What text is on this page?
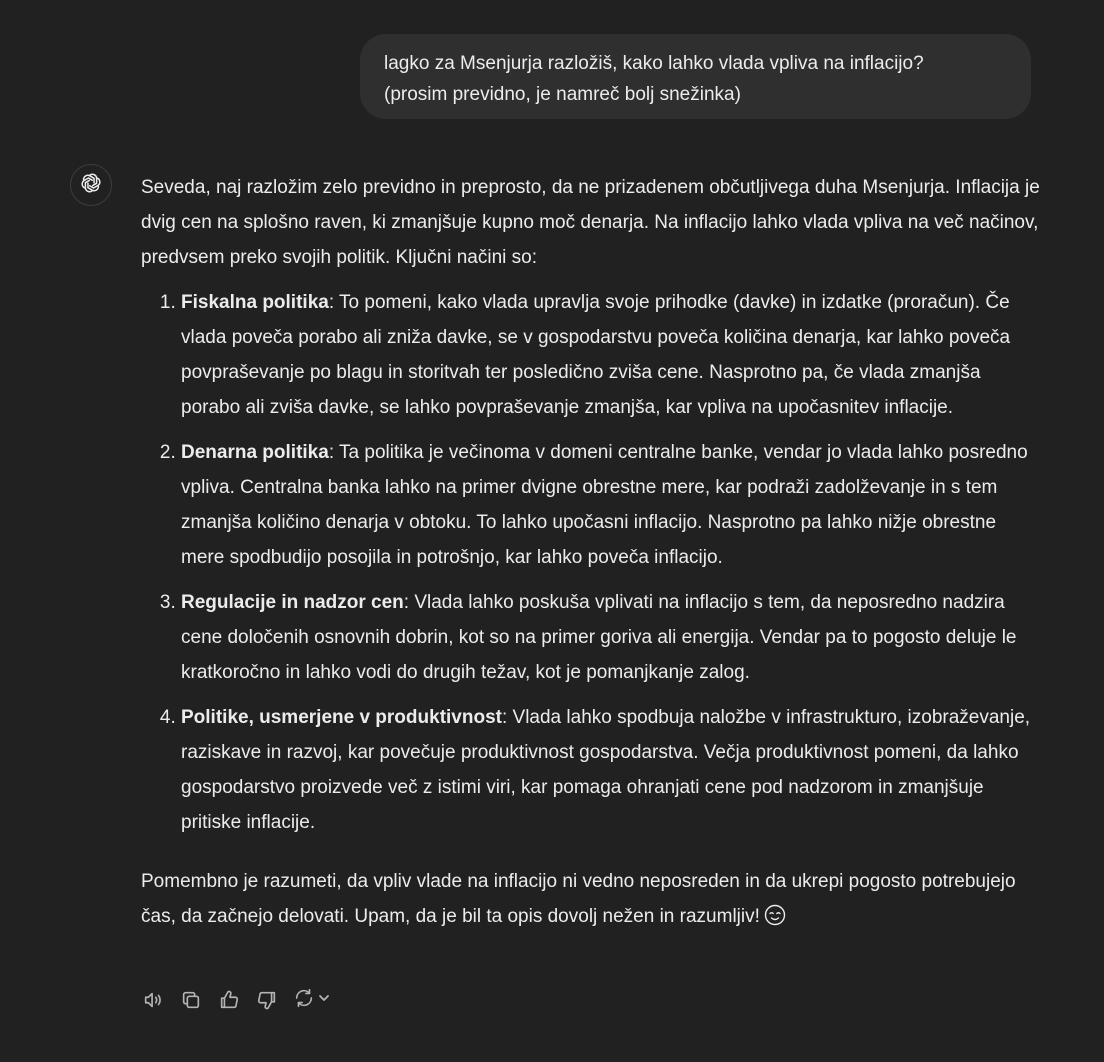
lagko za Msenjurja razložiš, kako lahko vlada vpliva na inflacijo?

(prosim previdno, je namreč bolj snežinka)

Seveda, naj razložim zelo previdno in preprosto, da ne prizadenem občutljivega duha Msenjurja. Inflacija je dvig cen na splošno raven, ki zmanjšuje kupno moč denarja. Na inflacijo lahko vlada vpliva na več načinov, predvsem preko svojih politik. Ključni načini so:

1. Fiskalna politika: To pomeni, kako vlada upravlja svoje prihodke (davke) in izdatke (proračun). Če vlada poveča porabo ali zniža davke, se v gospodarstvu poveča količina denarja, kar lahko poveča povpraševanje po blagu in storitvah ter posledično zviša cene. Nasprotno pa, če vlada zmanjša porabo ali zviša davke, se lahko povpraševanje zmanjša, kar vpliva na upočasnitev inflacije.
2. Denarna politika: Ta politika je večinoma v domeni centralne banke, vendar jo vlada lahko posredno vpliva. Centralna banka lahko na primer dvigne obrestne mere, kar podraži zadolževanje in s tem zmanjša količino denarja v obtoku. To lahko upočasni inflacijo. Nasprotno pa lahko nižje obrestne mere spodbudijo posojila in potrošnjo, kar lahko poveča inflacijo.
3. Regulacije in nadzor cen: Vlada lahko poskuša vplivati na inflacijo s tem, da neposredno nadzira cene določenih osnovnih dobrin, kot so na primer goriva ali energija. Vendar pa to pogosto deluje le kratkoročno in lahko vodi do drugih težav, kot je pomanjkanje zalog.
4. Politike, usmerjene v produktivnost: Vlada lahko spodbuja naložbe v infrastrukturo, izobraževanje, raziskave in razvoj, kar povečuje produktivnost gospodarstva. Večja produktivnost pomeni, da lahko gospodarstvo proizvede več z istimi viri, kar pomaga ohranjati cene pod nadzorom in zmanjšuje pritiske inflacije.

Pomembno je razumeti, da vpliv vlade na inflacijo ni vedno neposreden in da ukrepi pogosto potrebujejo čas, da začnejo delovati. Upam, da je bil ta opis dovolj nežen in razumljiv!
